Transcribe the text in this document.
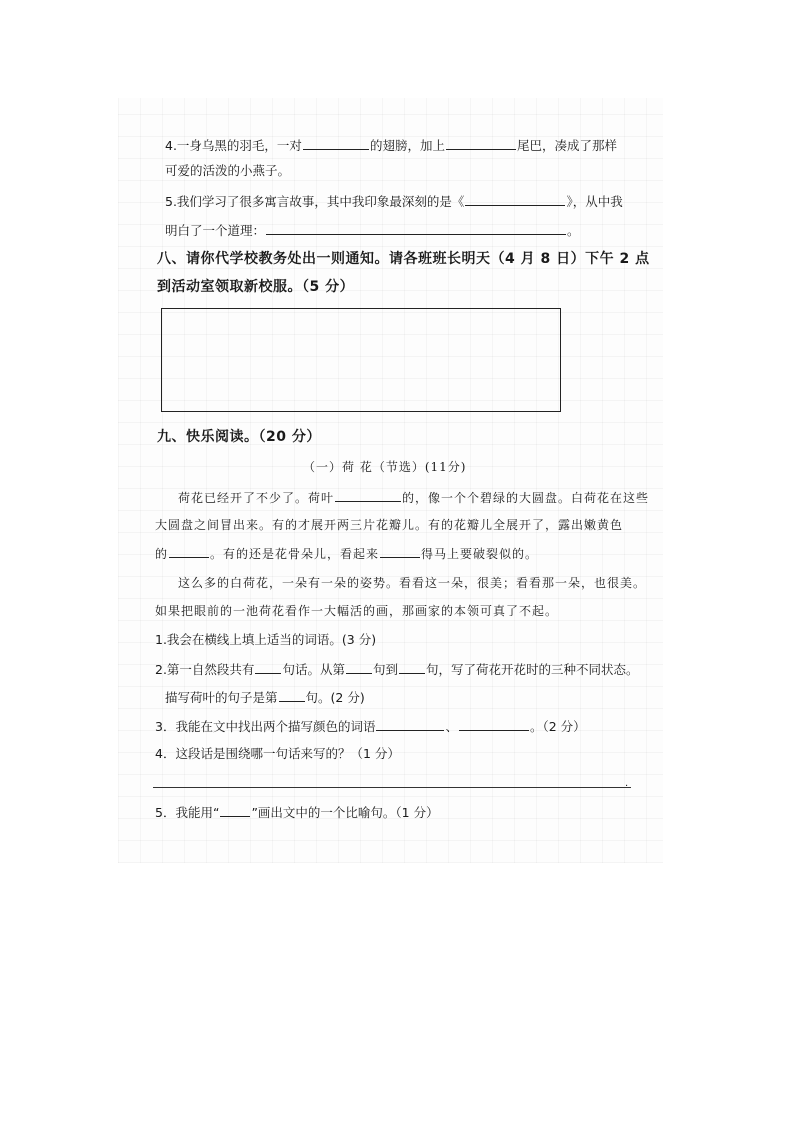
4.一身乌黑的羽毛，一对	的翅膀，加上	尾巴，凑成了那样
可爱的活泼的小燕子。
5.我们学习了很多寓言故事，其中我印象最深刻的是《	》，从中我
明白了一个道理：	。
八、请你代学校教务处出一则通知。请各班班长明天（4 月 8 日）下午 2 点
到活动室领取新校服。（5 分）
九、快乐阅读。（20 分）
（一）荷 花（节选）(11分)
荷花已经开了不少了。荷叶	的，像一个个碧绿的大圆盘。白荷花在这些
大圆盘之间冒出来。有的才展开两三片花瓣儿。有的花瓣儿全展开了，露出嫩黄色
的	。有的还是花骨朵儿，看起来	得马上要破裂似的。
这么多的白荷花，一朵有一朵的姿势。看看这一朵，很美；看看那一朵，也很美。
如果把眼前的一池荷花看作一大幅活的画，那画家的本领可真了不起。
1.我会在横线上填上适当的词语。(3 分)
2.第一自然段共有 句话。从第 句到 句，写了荷花开花时的三种不同状态。
描写荷叶的句子是第 句。(2 分)
3．我能在文中找出两个描写颜色的词语	、	。（2 分）
4．这段话是围绕哪一句话来写的？（1 分）
.
5．我能用“	”画出文中的一个比喻句。（1 分）
